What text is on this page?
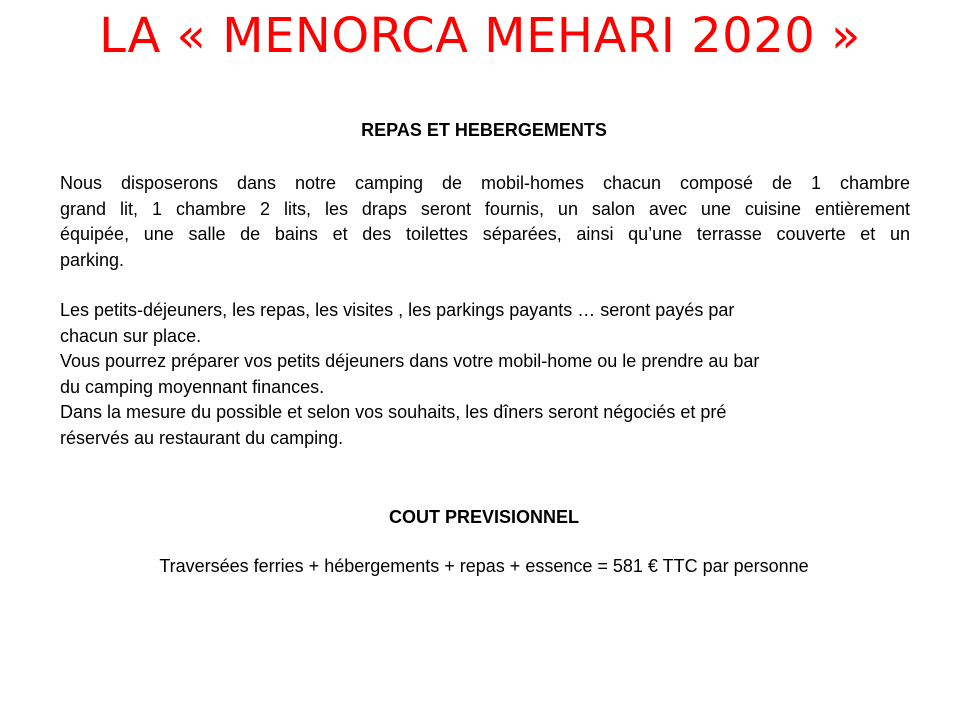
LA « MENORCA MEHARI 2020 »
REPAS ET HEBERGEMENTS
Nous disposerons dans notre camping de mobil-homes chacun composé de 1 chambre
grand lit, 1 chambre 2 lits, les draps seront fournis, un salon avec une cuisine entièrement
équipée, une salle de bains et des toilettes séparées, ainsi qu’une terrasse couverte et un
parking.
Les petits-déjeuners, les repas, les visites , les parkings payants … seront payés par
chacun sur place.
Vous pourrez préparer vos petits déjeuners dans votre mobil-home ou le prendre au bar
du camping moyennant finances.
Dans la mesure du possible et selon vos souhaits, les dîners seront négociés et pré
réservés au restaurant du camping.
COUT PREVISIONNEL
Traversées ferries + hébergements + repas + essence = 581 € TTC par personne
